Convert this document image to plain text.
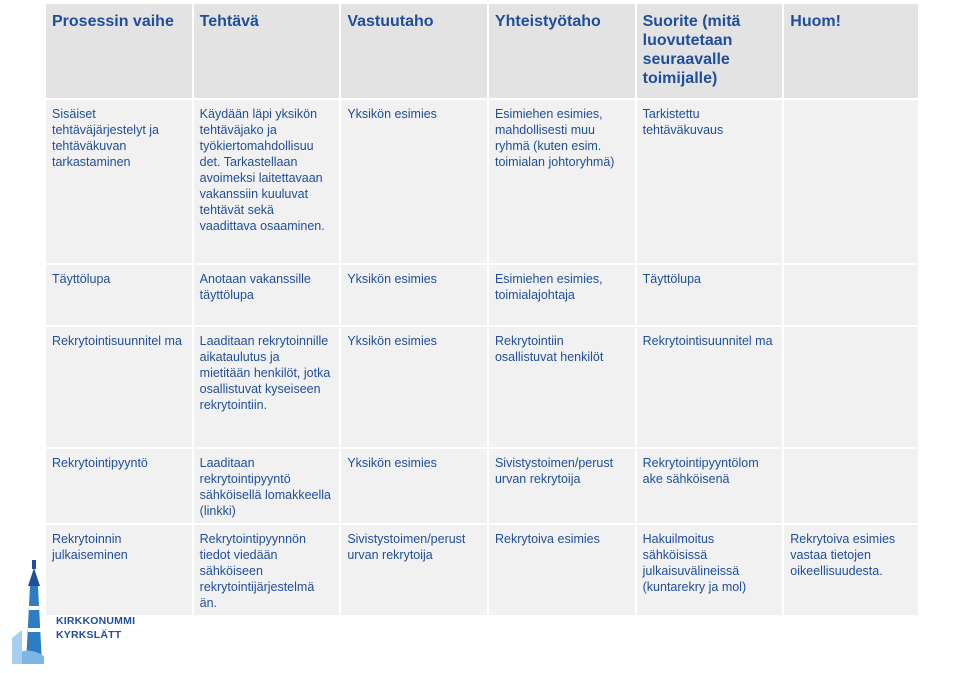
Prosessin vaihe	Tehtävä	Vastuutaho	Yhteistyötaho	Suorite (mitä luovutetaan seuraavalle toimijalle)	Huom!
Sisäiset tehtäväjärjestelyt ja tehtäväkuvan tarkastaminen	Käydään läpi yksikön tehtäväjako ja työkiertomahdollisuu det. Tarkastellaan avoimeksi laitettavaan vakanssiin kuuluvat tehtävät sekä vaadittava osaaminen.	Yksikön esimies	Esimiehen esimies, mahdollisesti muu ryhmä (kuten esim. toimialan johtoryhmä)	Tarkistettu tehtäväkuvaus	
Täyttölupa	Anotaan vakanssille täyttölupa	Yksikön esimies	Esimiehen esimies, toimialajohtaja	Täyttölupa	
Rekrytointisuunnitel ma	Laaditaan rekrytoinnille aikataulutus ja mietitään henkilöt, jotka osallistuvat kyseiseen rekrytointiin.	Yksikön esimies	Rekrytointiin osallistuvat henkilöt	Rekrytointisuunnitel ma	
Rekrytointipyyntö	Laaditaan rekrytointipyyntö sähköisellä lomakkeella (linkki)	Yksikön esimies	Sivistystoimen/perust urvan rekrytoija	Rekrytointipyyntölom ake sähköisenä	
Rekrytoinnin julkaiseminen	Rekrytointipyynnön tiedot viedään sähköiseen rekrytointijärjestelmä än.	Sivistystoimen/perust urvan rekrytoija	Rekrytoiva esimies	Hakuilmoitus sähköisissä julkaisuvälineissä (kuntarekry ja mol)	Rekrytoiva esimies vastaa tietojen oikeellisuudesta.
KIRKKONUMMI
KYRKSLÄTT
